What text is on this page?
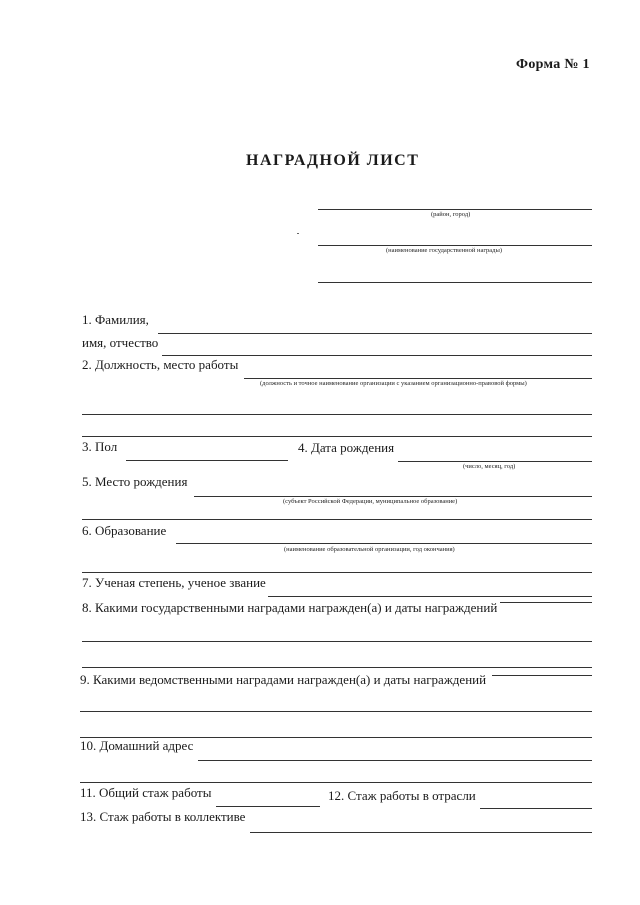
Форма № 1
НАГРАДНОЙ ЛИСТ
(район, город)
(наименование государственной награды)
1. Фамилия,
имя, отчество
2. Должность, место работы
(должность и точное наименование организации с указанием организационно-правовой формы)
3. Пол	4. Дата рождения
(число, месяц, год)
5. Место рождения
(субъект Российской Федерации, муниципальное образование)
6. Образование
(наименование образовательной организации, год окончания)
7. Ученая степень, ученое звание
8. Какими государственными наградами награжден(а) и даты награждений
9. Какими ведомственными наградами награжден(а) и даты награждений
10. Домашний адрес
11. Общий стаж работы	12. Стаж работы в отрасли
13. Стаж работы в коллективе
